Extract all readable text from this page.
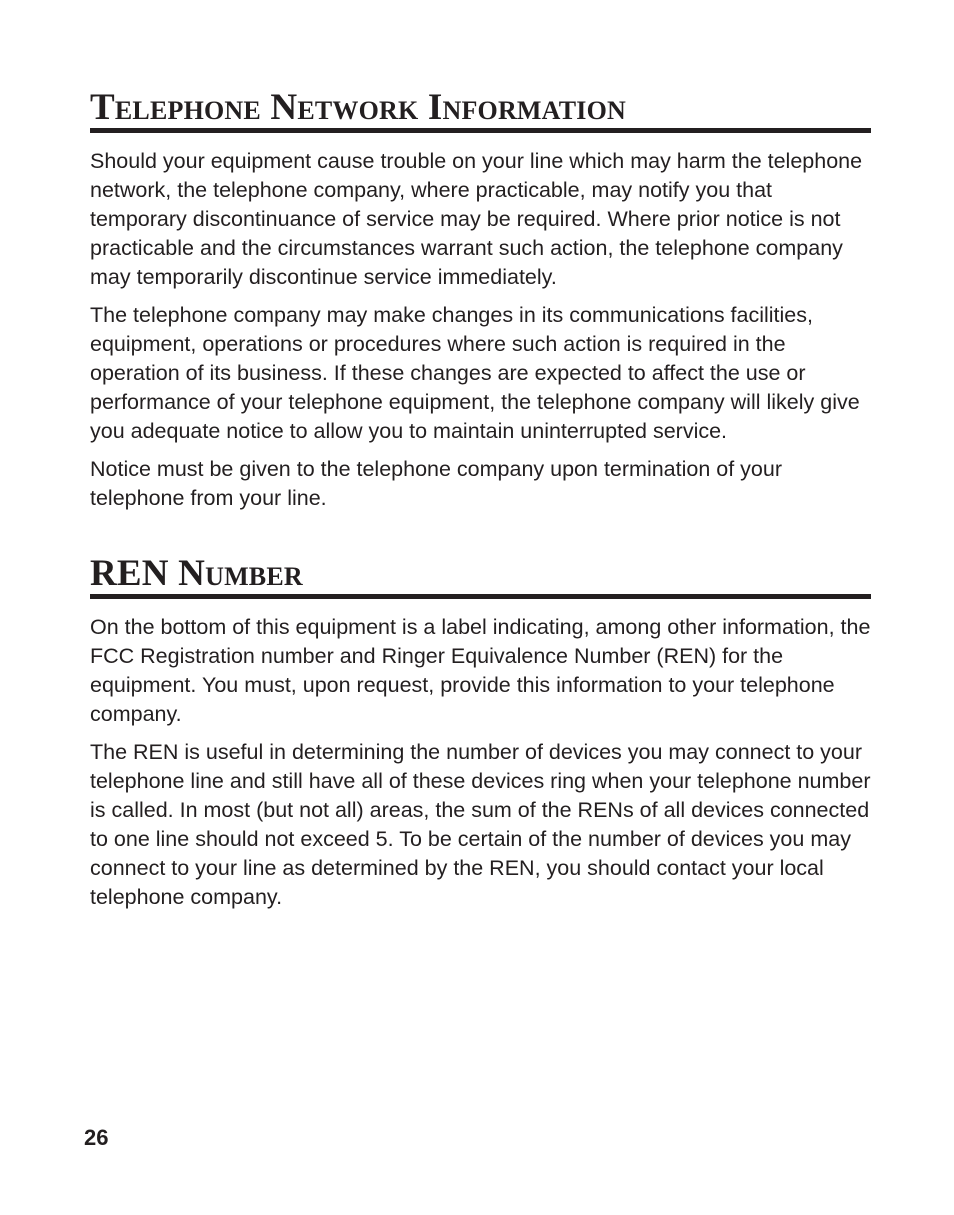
Telephone Network Information

Should your equipment cause trouble on your line which may harm the telephone network, the telephone company, where practicable, may notify you that temporary discontinuance of service may be required. Where prior notice is not practicable and the circumstances warrant such action, the telephone company may temporarily discontinue service immediately.

The telephone company may make changes in its communications facilities, equipment, operations or procedures where such action is required in the operation of its business. If these changes are expected to affect the use or performance of your telephone equipment, the telephone company will likely give you adequate notice to allow you to maintain uninterrupted service.

Notice must be given to the telephone company upon termination of your telephone from your line.

REN Number

On the bottom of this equipment is a label indicating, among other information, the FCC Registration number and Ringer Equivalence Number (REN) for the equipment. You must, upon request, provide this information to your telephone company.

The REN is useful in determining the number of devices you may connect to your telephone line and still have all of these devices ring when your telephone number is called. In most (but not all) areas, the sum of the RENs of all devices connected to one line should not exceed 5. To be certain of the number of devices you may connect to your line as determined by the REN, you should contact your local telephone company.

26
